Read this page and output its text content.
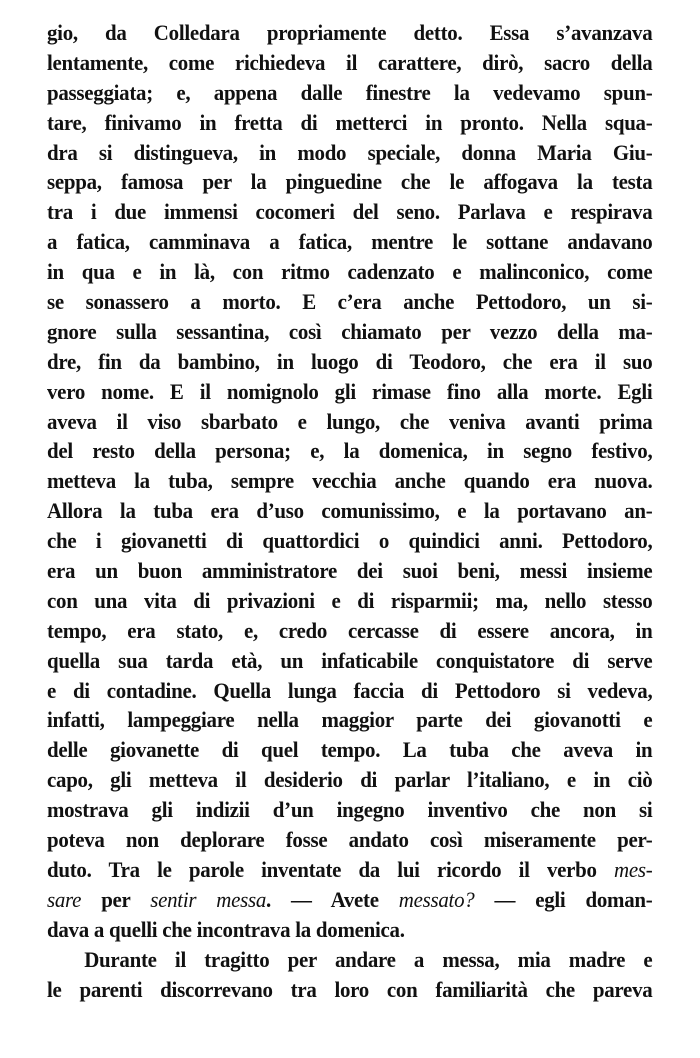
gio, da Colledara propriamente detto. Essa s’avanzava
lentamente, come richiedeva il carattere, dirò, sacro della
passeggiata; e, appena dalle finestre la vedevamo spun-
tare, finivamo in fretta di metterci in pronto. Nella squa-
dra si distingueva, in modo speciale, donna Maria Giu-
seppa, famosa per la pinguedine che le affogava la testa
tra i due immensi cocomeri del seno. Parlava e respirava
a fatica, camminava a fatica, mentre le sottane andavano
in qua e in là, con ritmo cadenzato e malinconico, come
se sonassero a morto. E c’era anche Pettodoro, un si-
gnore sulla sessantina, così chiamato per vezzo della ma-
dre, fin da bambino, in luogo di Teodoro, che era il suo
vero nome. E il nomignolo gli rimase fino alla morte. Egli
aveva il viso sbarbato e lungo, che veniva avanti prima
del resto della persona; e, la domenica, in segno festivo,
metteva la tuba, sempre vecchia anche quando era nuova.
Allora la tuba era d’uso comunissimo, e la portavano an-
che i giovanetti di quattordici o quindici anni. Pettodoro,
era un buon amministratore dei suoi beni, messi insieme
con una vita di privazioni e di risparmii; ma, nello stesso
tempo, era stato, e, credo cercasse di essere ancora, in
quella sua tarda età, un infaticabile conquistatore di serve
e di contadine. Quella lunga faccia di Pettodoro si vedeva,
infatti, lampeggiare nella maggior parte dei giovanotti e
delle giovanette di quel tempo. La tuba che aveva in
capo, gli metteva il desiderio di parlar l’italiano, e in ciò
mostrava gli indizii d’un ingegno inventivo che non si
poteva non deplorare fosse andato così miseramente per-
duto. Tra le parole inventate da lui ricordo il verbo mes-
sare per sentir messa. — Avete messato? — egli doman-
dava a quelli che incontrava la domenica.
Durante il tragitto per andare a messa, mia madre e
le parenti discorrevano tra loro con familiarità che pareva
